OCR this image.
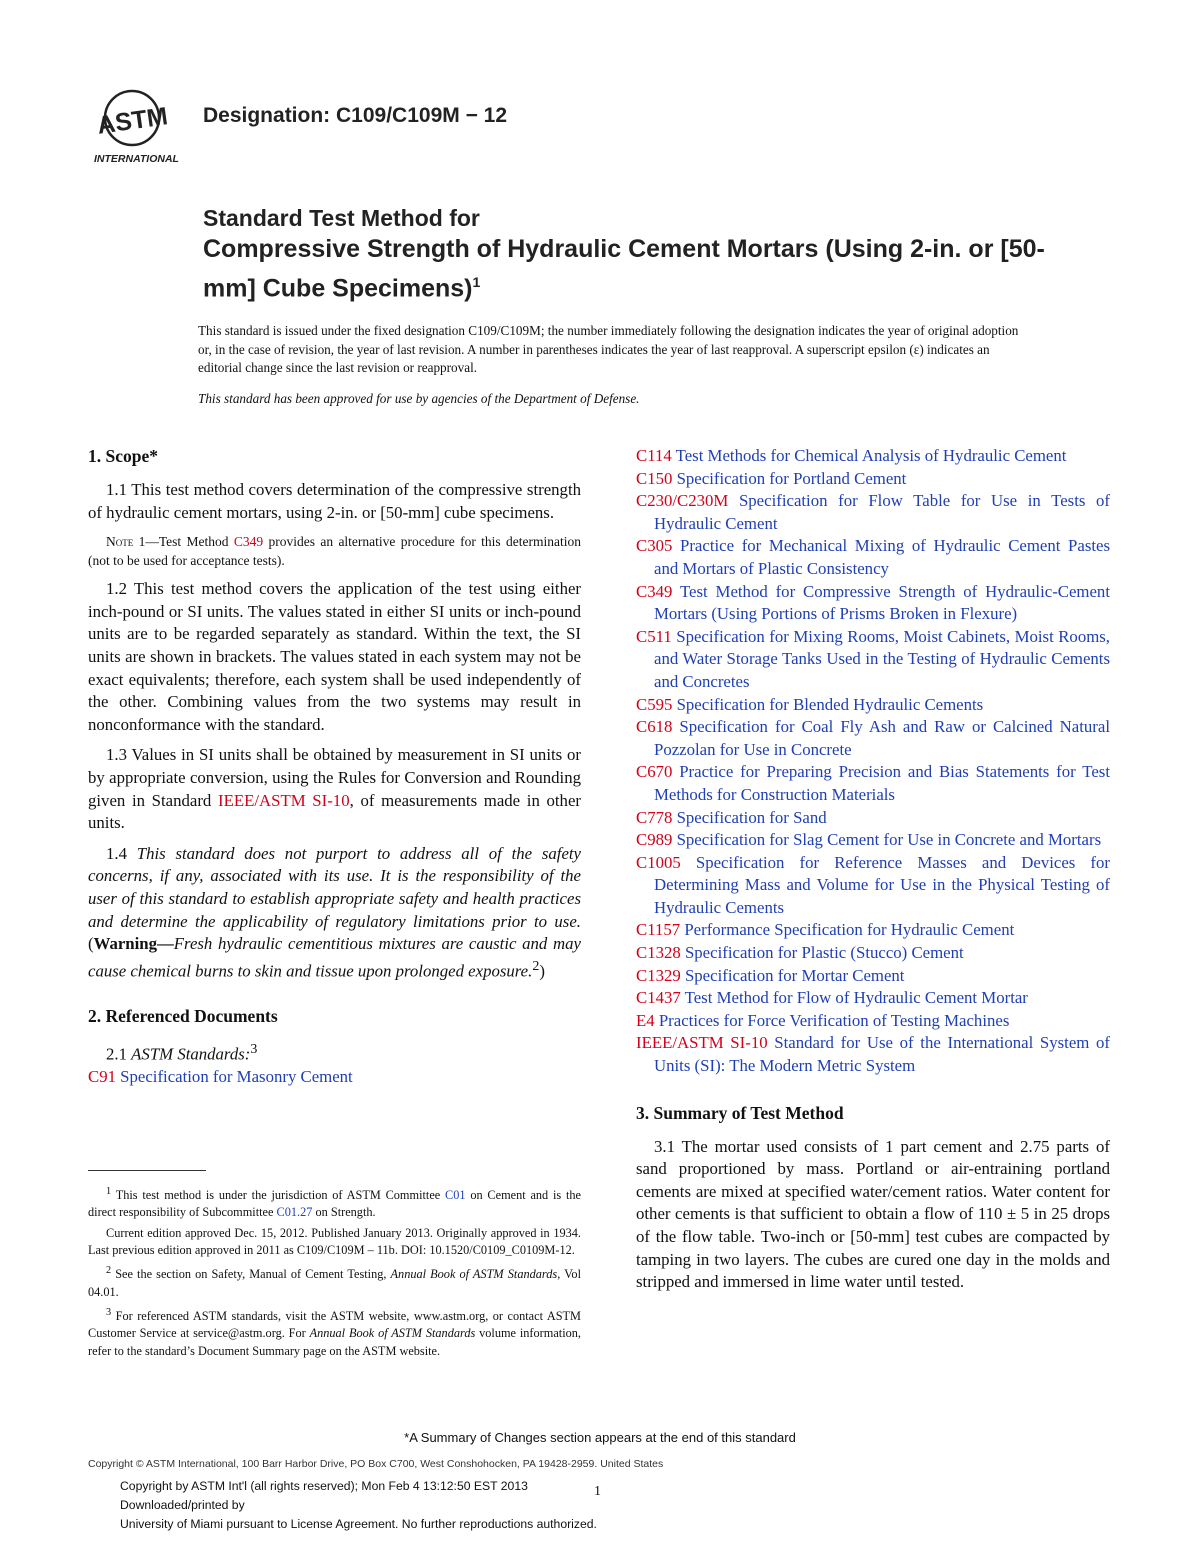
ASTM
INTERNATIONAL
Designation: C109/C109M − 12
Standard Test Method for
Compressive Strength of Hydraulic Cement Mortars (Using 2-in. or [50-mm] Cube Specimens)$^1$

This standard is issued under the fixed designation C109/C109M; the number immediately following the designation indicates the year of original adoption or, in the case of revision, the year of last revision. A number in parentheses indicates the year of last reapproval. A superscript epsilon (ε) indicates an editorial change since the last revision or reapproval.

This standard has been approved for use by agencies of the Department of Defense.

1. Scope*

1.1 This test method covers determination of the compressive strength of hydraulic cement mortars, using 2-in. or [50-mm] cube specimens.

Note 1—Test Method C349 provides an alternative procedure for this determination (not to be used for acceptance tests).

1.2 This test method covers the application of the test using either inch-pound or SI units. The values stated in either SI units or inch-pound units are to be regarded separately as standard. Within the text, the SI units are shown in brackets. The values stated in each system may not be exact equivalents; therefore, each system shall be used independently of the other. Combining values from the two systems may result in nonconformance with the standard.

1.3 Values in SI units shall be obtained by measurement in SI units or by appropriate conversion, using the Rules for Conversion and Rounding given in Standard IEEE/ASTM SI-10, of measurements made in other units.

1.4 This standard does not purport to address all of the safety concerns, if any, associated with its use. It is the responsibility of the user of this standard to establish appropriate safety and health practices and determine the applicability of regulatory limitations prior to use. (Warning—Fresh hydraulic cementitious mixtures are caustic and may cause chemical burns to skin and tissue upon prolonged exposure.$^2$)

2. Referenced Documents

2.1 ASTM Standards:$^3$

C91 Specification for Masonry Cement
C114 Test Methods for Chemical Analysis of Hydraulic Cement
C150 Specification for Portland Cement
C230/C230M Specification for Flow Table for Use in Tests of Hydraulic Cement
C305 Practice for Mechanical Mixing of Hydraulic Cement Pastes and Mortars of Plastic Consistency
C349 Test Method for Compressive Strength of Hydraulic-Cement Mortars (Using Portions of Prisms Broken in Flexure)
C511 Specification for Mixing Rooms, Moist Cabinets, Moist Rooms, and Water Storage Tanks Used in the Testing of Hydraulic Cements and Concretes
C595 Specification for Blended Hydraulic Cements
C618 Specification for Coal Fly Ash and Raw or Calcined Natural Pozzolan for Use in Concrete
C670 Practice for Preparing Precision and Bias Statements for Test Methods for Construction Materials
C778 Specification for Sand
C989 Specification for Slag Cement for Use in Concrete and Mortars
C1005 Specification for Reference Masses and Devices for Determining Mass and Volume for Use in the Physical Testing of Hydraulic Cements
C1157 Performance Specification for Hydraulic Cement
C1328 Specification for Plastic (Stucco) Cement
C1329 Specification for Mortar Cement
C1437 Test Method for Flow of Hydraulic Cement Mortar
E4 Practices for Force Verification of Testing Machines
IEEE/ASTM SI-10 Standard for Use of the International System of Units (SI): The Modern Metric System
3. Summary of Test Method

3.1 The mortar used consists of 1 part cement and 2.75 parts of sand proportioned by mass. Portland or air-entraining portland cements are mixed at specified water/cement ratios. Water content for other cements is that sufficient to obtain a flow of 110 ± 5 in 25 drops of the flow table. Two-inch or [50-mm] test cubes are compacted by tamping in two layers. The cubes are cured one day in the molds and stripped and immersed in lime water until tested.

$^1$ This test method is under the jurisdiction of ASTM Committee C01 on Cement and is the direct responsibility of Subcommittee C01.27 on Strength.

Current edition approved Dec. 15, 2012. Published January 2013. Originally approved in 1934. Last previous edition approved in 2011 as C109/C109M – 11b. DOI: 10.1520/C0109_C0109M-12.

$^2$ See the section on Safety, Manual of Cement Testing, Annual Book of ASTM Standards, Vol 04.01.

$^3$ For referenced ASTM standards, visit the ASTM website, www.astm.org, or contact ASTM Customer Service at service@astm.org. For Annual Book of ASTM Standards volume information, refer to the standard’s Document Summary page on the ASTM website.

*A Summary of Changes section appears at the end of this standard
Copyright © ASTM International, 100 Barr Harbor Drive, PO Box C700, West Conshohocken, PA 19428-2959. United States
Copyright by ASTM Int'l (all rights reserved); Mon Feb 4 13:12:50 EST 2013
Downloaded/printed by
University of Miami pursuant to License Agreement. No further reproductions authorized.
1
